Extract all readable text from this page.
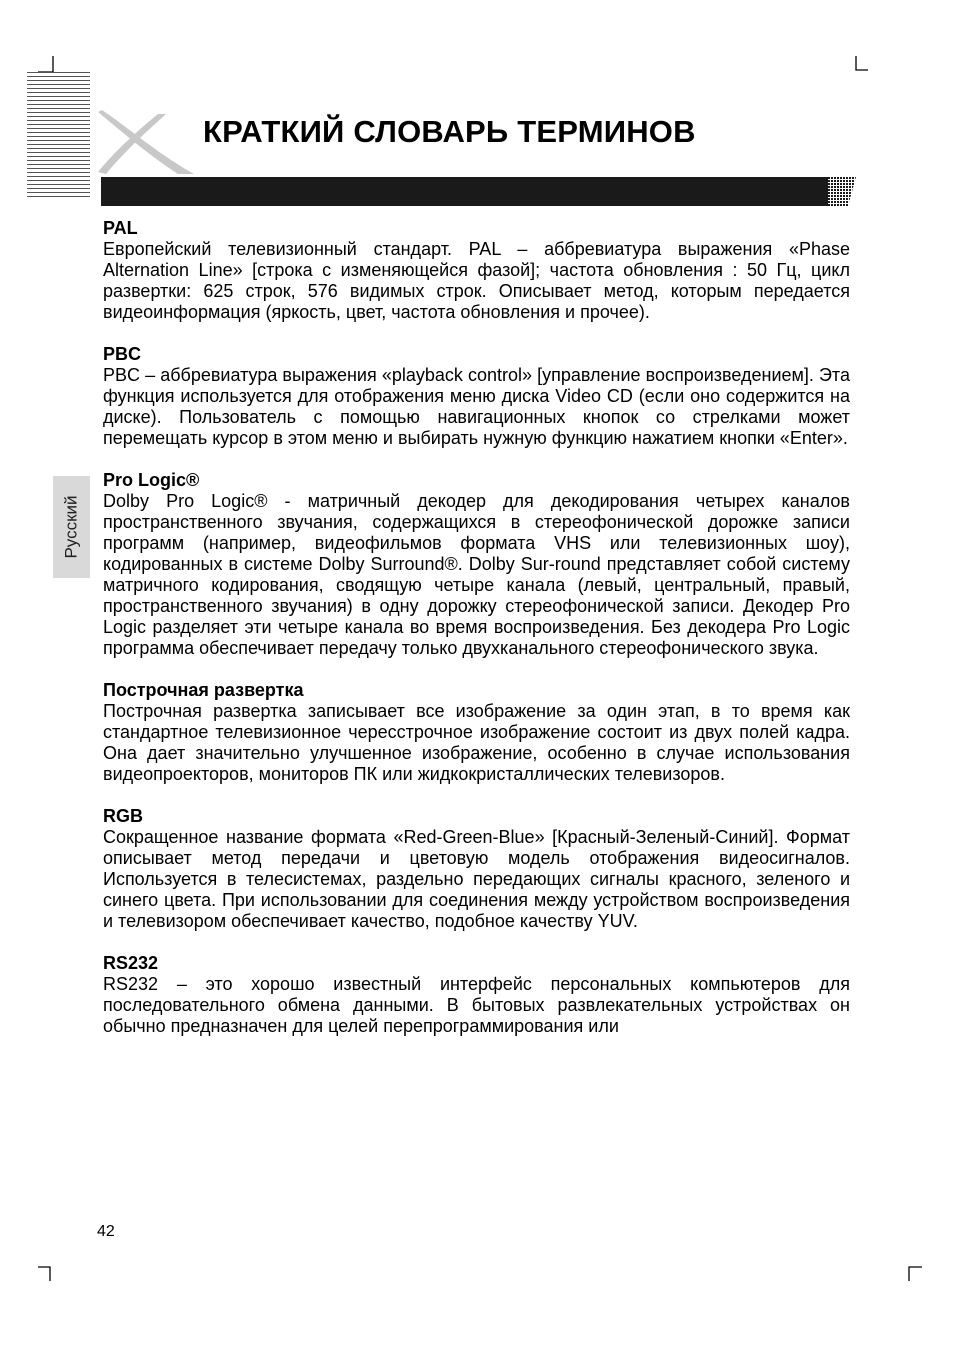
КРАТКИЙ СЛОВАРЬ ТЕРМИНОВ
Русский

PAL

Европейский телевизионный стандарт. PAL – аббревиатура выражения «Phase Alternation Line» [строка с изменяющейся фазой]; частота обновления : 50 Гц, цикл развертки: 625 строк, 576 видимых строк. Описывает метод, которым передается видеоинформация (яркость, цвет, частота обновления и прочее).

PBC

PBC – аббревиатура выражения «playback control» [управление воспроизведением]. Эта функция используется для отображения меню диска Video CD (если оно содержится на диске). Пользователь с помощью навигационных кнопок со стрелками может перемещать курсор в этом меню и выбирать нужную функцию нажатием кнопки «Enter».

Pro Logic®

Dolby Pro Logic® - матричный декодер для декодирования четырех каналов пространственного звучания, содержащихся в стереофонической дорожке записи программ (например, видеофильмов формата VHS или телевизионных шоу), кодированных в системе Dolby Surround®. Dolby Sur-round представляет собой систему матричного кодирования, сводящую четыре канала (левый, центральный, правый, пространственного звучания) в одну дорожку стереофонической записи. Декодер Pro Logic разделяет эти четыре канала во время воспроизведения. Без декодера Pro Logic программа обеспечивает передачу только двухканального стереофонического звука.

Построчная развертка

Построчная развертка записывает все изображение за один этап, в то время как стандартное телевизионное чересстрочное изображение состоит из двух полей кадра. Она дает значительно улучшенное изображение, особенно в случае использования видеопроекторов, мониторов ПК или жидкокристаллических телевизоров.

RGB

Сокращенное название формата «Red-Green-Blue» [Красный-Зеленый-Синий]. Формат описывает метод передачи и цветовую модель отображения видеосигналов. Используется в телесистемах, раздельно передающих сигналы красного, зеленого и синего цвета. При использовании для соединения между устройством воспроизведения и телевизором обеспечивает качество, подобное качеству YUV.

RS232

RS232 – это хорошо известный интерфейс персональных компьютеров для последовательного обмена данными. В бытовых развлекательных устройствах он обычно предназначен для целей перепрограммирования или

42
